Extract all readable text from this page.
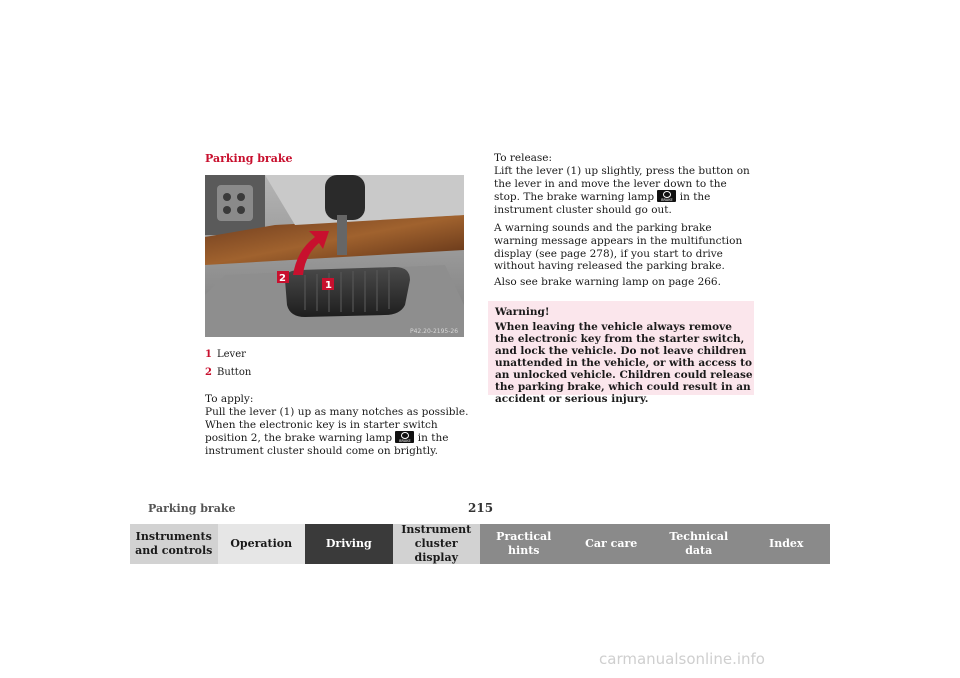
Parking brake
2
1
P42.20-2195-26
1 Lever
2 Button
To apply:
Pull the lever (1) up as many notches as possible. When the electronic key is in starter switch position 2, the brake warning lamp	BRAKE in the instrument cluster should come on brightly.
To release:
Lift the lever (1) up slightly, press the button on the lever in and move the lever down to the stop. The brake warning lamp	BRAKE in the instrument cluster should go out.
A warning sounds and the parking brake warning message appears in the multifunction display (see page 278), if you start to drive without having released the parking brake.
Also see brake warning lamp on page 266.
Warning!
When leaving the vehicle always remove the electronic key from the starter switch, and lock the vehicle. Do not leave children unattended in the vehicle, or with access to an unlocked vehicle. Children could release the parking brake, which could result in an accident or serious injury.
Parking brake	215
Instruments
and controls
Operation	Driving
Instrument
cluster display
Practical hints
Car care
Technical
data
Index
carmanualsonline.info
